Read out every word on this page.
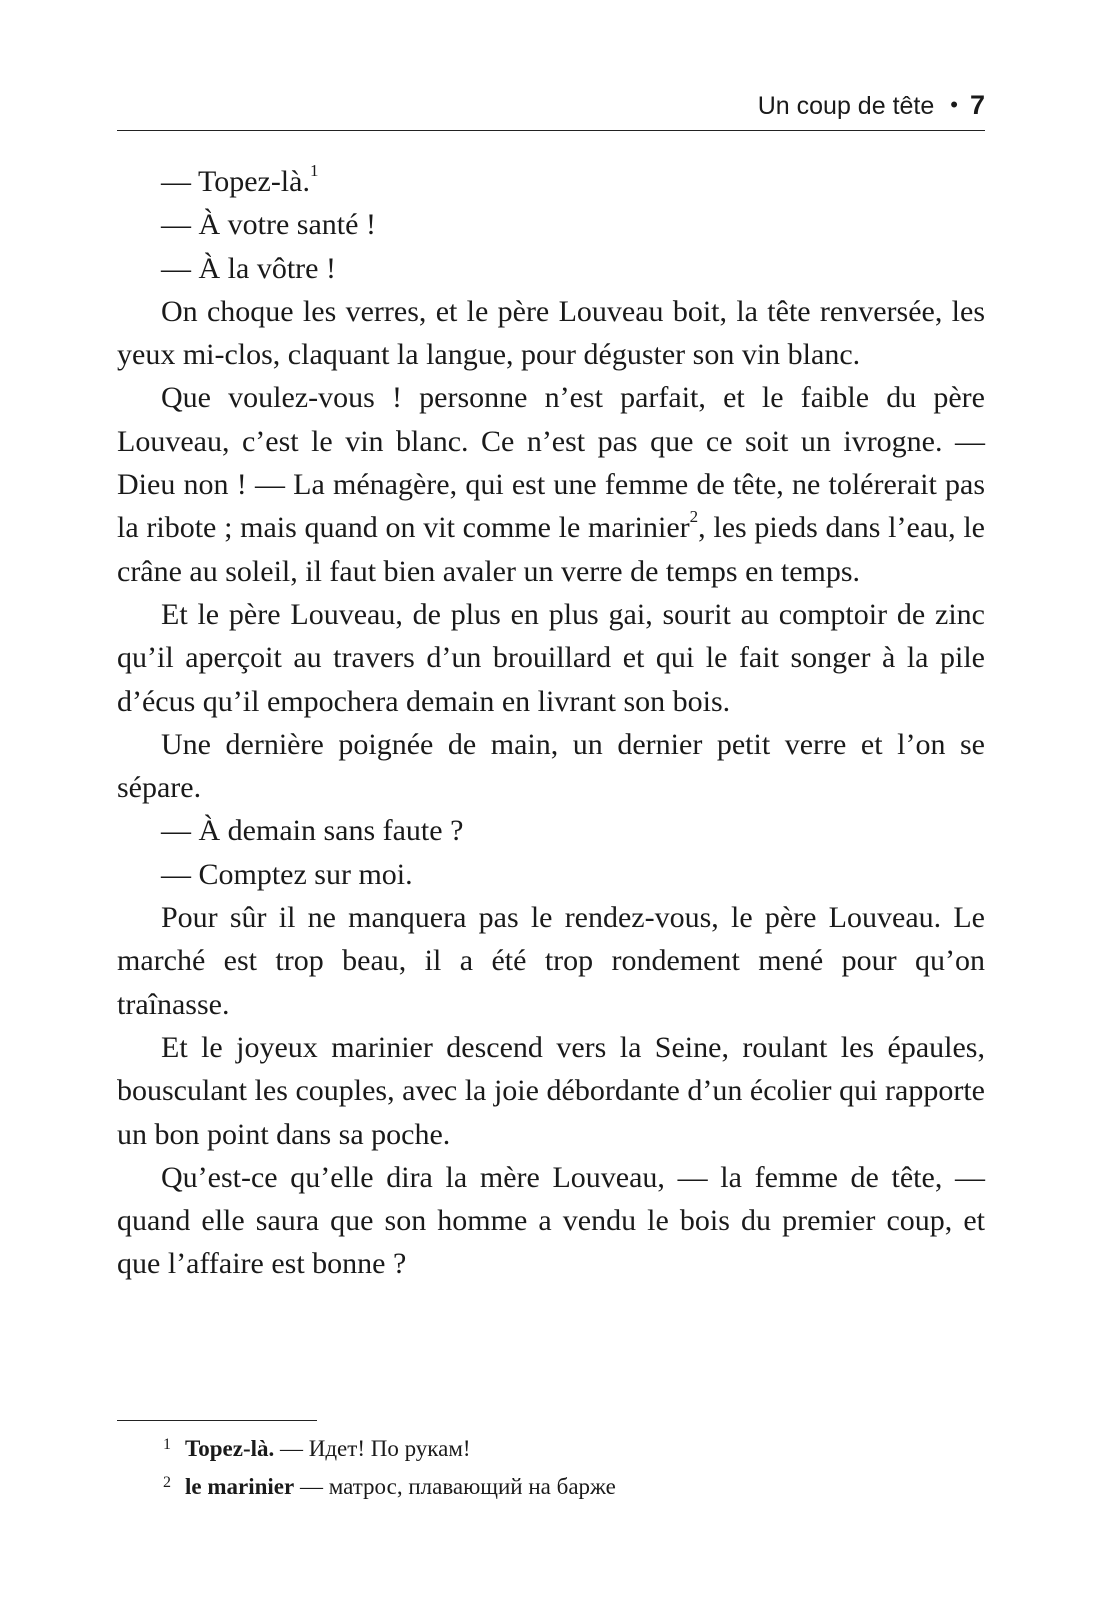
Un coup de tête • 7

— Topez-là.$^1$

— À votre santé !

— À la vôtre !

On choque les verres, et le père Louveau boit, la tête renversée, les yeux mi-clos, claquant la langue, pour déguster son vin blanc.

Que voulez-vous ! personne n’est parfait, et le faible du père Louveau, c’est le vin blanc. Ce n’est pas que ce soit un ivrogne. — Dieu non ! — La ménagère, qui est une femme de tête, ne tolérerait pas la ribote ; mais quand on vit comme le marinier$^2$, les pieds dans l’eau, le crâne au soleil, il faut bien avaler un verre de temps en temps.

Et le père Louveau, de plus en plus gai, sourit au comptoir de zinc qu’il aperçoit au travers d’un brouillard et qui le fait songer à la pile d’écus qu’il empochera demain en livrant son bois.

Une dernière poignée de main, un dernier petit verre et l’on se sépare.

— À demain sans faute ?

— Comptez sur moi.

Pour sûr il ne manquera pas le rendez-vous, le père Louveau. Le marché est trop beau, il a été trop rondement mené pour qu’on traînasse.

Et le joyeux marinier descend vers la Seine, roulant les épaules, bousculant les couples, avec la joie débordante d’un écolier qui rapporte un bon point dans sa poche.

Qu’est-ce qu’elle dira la mère Louveau, — la femme de tête, — quand elle saura que son homme a vendu le bois du premier coup, et que l’affaire est bonne ?

$^1$ Topez-là. — Идет! По рукам!
$^2$ le marinier — матрос, плавающий на барже
